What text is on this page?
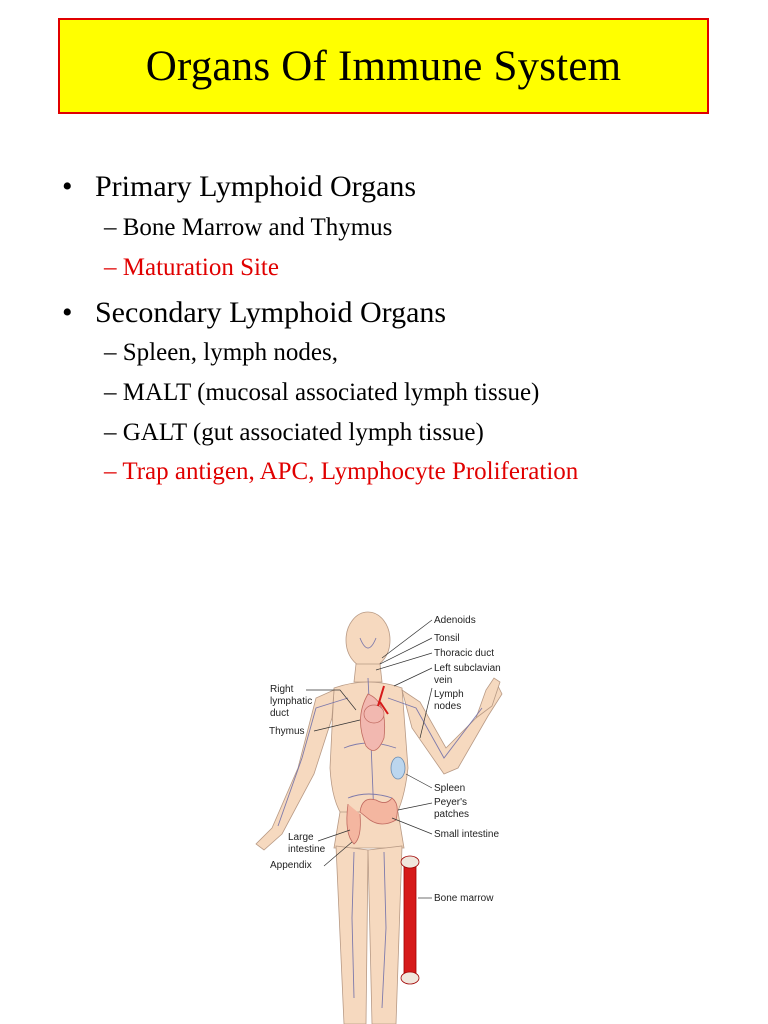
Organs Of Immune System
• Primary Lymphoid Organs
– Bone Marrow and Thymus
– Maturation Site
• Secondary Lymphoid Organs
– Spleen, lymph nodes,
– MALT (mucosal associated lymph tissue)
– GALT (gut associated lymph tissue)
– Trap antigen, APC, Lymphocyte Proliferation
Adenoids
Tonsil
Thoracic duct
Left subclavian
vein
Lymph
nodes
Right
lymphatic
duct
Thymus
Spleen
Peyer's
patches
Small intestine
Large
intestine
Appendix
Bone marrow
